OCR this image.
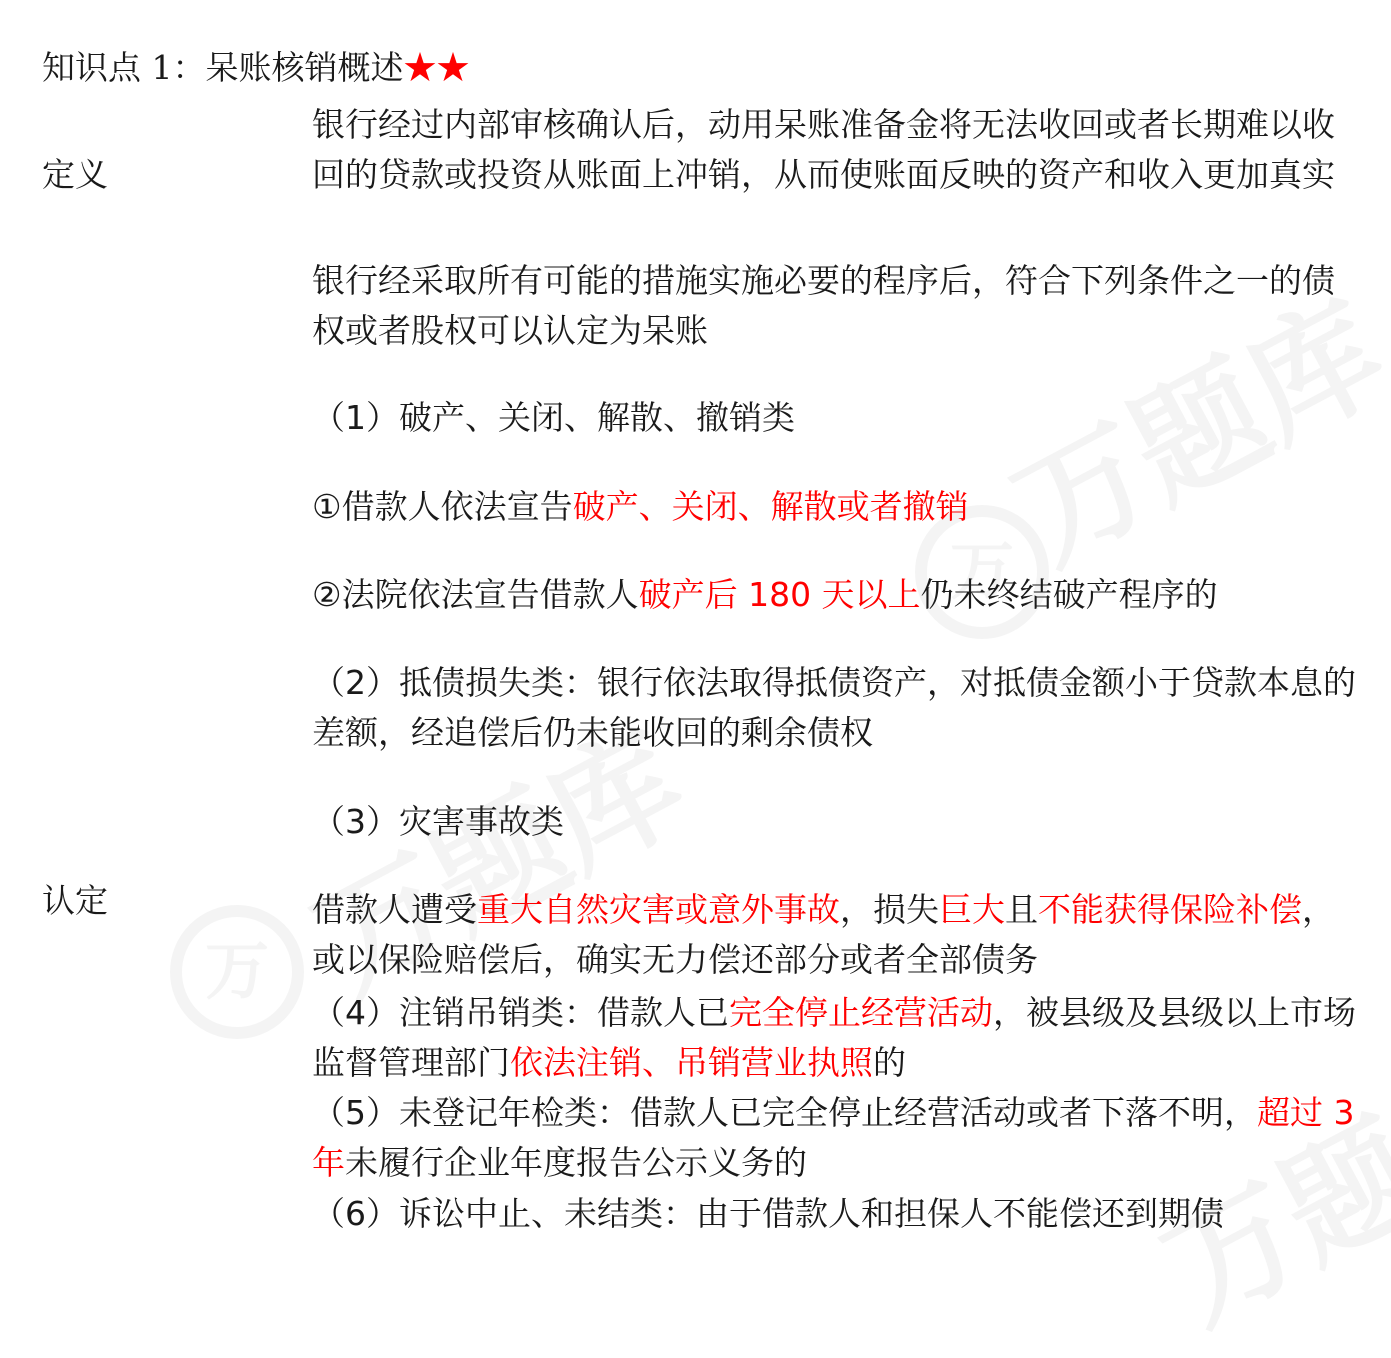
知识点 1：呆账核销概述★★
定义
认定

银行经过内部审核确认后，动用呆账准备金将无法收回或者长期难以收回的贷款或投资从账面上冲销，从而使账面反映的资产和收入更加真实

银行经采取所有可能的措施实施必要的程序后，符合下列条件之一的债权或者股权可以认定为呆账

（1）破产、关闭、解散、撤销类

①借款人依法宣告破产、关闭、解散或者撤销

②法院依法宣告借款人破产后 180 天以上仍未终结破产程序的

（2）抵债损失类：银行依法取得抵债资产，对抵债金额小于贷款本息的差额，经追偿后仍未能收回的剩余债权

（3）灾害事故类

借款人遭受重大自然灾害或意外事故，损失巨大且不能获得保险补偿，或以保险赔偿后，确实无力偿还部分或者全部债务

（4）注销吊销类：借款人已完全停止经营活动，被县级及县级以上市场监督管理部门依法注销、吊销营业执照的

（5）未登记年检类：借款人已完全停止经营活动或者下落不明，超过 3 年未履行企业年度报告公示义务的

（6）诉讼中止、未结类：由于借款人和担保人不能偿还到期债
